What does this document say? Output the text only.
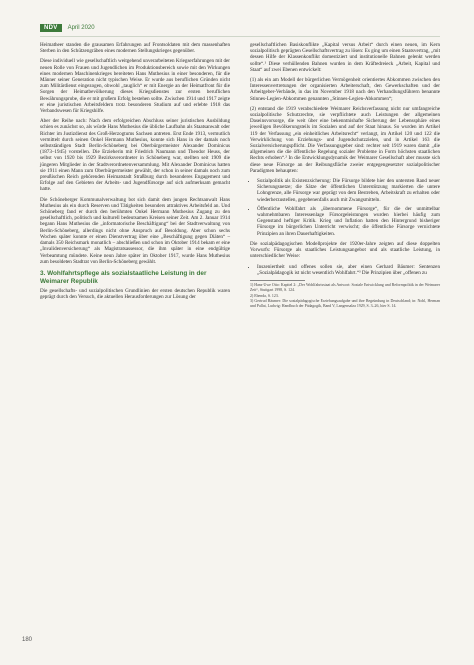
NDV	April 2020

Heimatheer standen die grausamen Erfahrungen auf Frontsoldaten mit dem massenhaften Sterben in den Schützengräben eines modernen Stellungskrieges gegenüber.

Diese individuell wie gesellschaftlich weitgehend unverarbeiteten Kriegserfahrungen mit der neuen Rolle von Frauen und Jugendlichen im Produktionsbereich sowie mit den Wirkungen eines modernen Maschinenkrieges bereiteten Hans Muthesius in einer besonderen, für die Männer seiner Generation nicht typischen Weise. Er wurde aus beruflichen Gründen nicht zum Militärdienst eingezogen, obwohl „tauglich“ er mit Energie an der Heimatfront für die Sorgen der Heimatbevölkerung dieses Kriegsdienstes zur ersten beruflichen Bewährungsprobe, die er mit großem Erfolg bestehen sollte. Zwischen 1914 und 1917 zeigte er eine juristischen Arbeitsfeldern trotz besonderen Studium auf und erlebte 1918 das Verbandswesen für Kriegshilfe.

Aber der Reihe nach: Nach dem erfolgreichen Abschluss seiner juristischen Ausbildung schien es zunächst so, als würde Hans Muthesius die übliche Laufbahn als Staatsanwalt oder Richter im Justizdienst des Groß-Herzogtums Sachsen antreten. Erst Ende 1913, vermutlich vermittelt durch seinen Onkel Hermann Muthesius, konnte sich Hans in der damals noch selbstständigen Stadt Berlin-Schöneberg bei Oberbürgermeister Alexander Dominicus (1873–1945) vorstellen. Die Erzieherin mit Friedrich Naumann und Theodor Heuss, der selbst von 1920 bis 1929 Bezirksverordneter in Schöneberg war, stellten seit 1909 die jüngeren Mitglieder in der Stadtverordnetenversammlung. Mit Alexander Dominicus hatten sie 1911 einen Mann zum Oberbürgermeister gewählt, der schon in seiner damals noch zum preußischen Reich gehörenden Heimatstadt Straßburg durch besonderes Engagement und Erfolge auf den Gebieten der Arbeits- und Jugendfürsorge auf sich aufmerksam gemacht hatte.

Die Schöneberger Kommunalverwaltung bot sich damit dem jungen Rechtsanwalt Hans Muthesius als ein durch Reserven und Tätigkeiten besonders attraktives Arbeitsfeld an. Und Schöneberg fand er durch den berühmten Onkel Hermann Muthesius Zugang zu den gesellschaftlich, politisch und kulturell bedeutsamen Kreisen seiner Zeit. Am 2. Januar 1914 begann Hans Muthesius die „informatorische Beschäftigung“ bei der Stadtverwaltung von Berlin-Schöneberg, allerdings nicht ohne Anspruch auf Besoldung. Aber schon sechs Wochen später konnte er einen Dienstvertrag über eine „Beschäftigung gegen Diäten“ – damals 350 Reichsmark monatlich – abschließen und schon im Oktober 1914 bekam er eine „Invalidenversicherung“ als Magistratsassessor, die ihm später in eine endgültige Verbeamtung mündete. Keine neun Jahre später im Oktober 1917, wurde Hans Muthesius zum besoldeten Stadtrat von Berlin-Schöneberg gewählt.

3. Wohlfahrtspflege als sozialstaatliche Leistung in der Weimarer Republik

Die gesellschafts- und sozialpolitischen Grundlinien der ersten deutschen Republik waren geprägt durch den Versuch, die aktuellen Herausforderungen zur Lösung der

gesellschaftlichen Basiskonflikte „Kapital versus Arbeit“ durch einen neuen, im Kern sozialpolitisch geprägten Gesellschaftsvertrag zu lösen: Es ging um einen Staatsvertrag, „mit dessen Hilfe der Klassenkonflikt domestiziert und institutionelle Bahnen gelenkt werden sollte“.¹ Diese verhüllenden Bahnen wurden in dem Kräftedreieck „Arbeit, Kapital und Staat“ auf zwei Ebenen entwickelt:

(1) als ein am Modell der bürgerlichen Vermögenheit orientiertes Abkommen zwischen den Interessenvertretungen der organisierten Arbeiterschaft, den Gewerkschaften und der Arbeitgeber-Verbände, in das im November 1918 nach den Verhandlungsführern benannte Stinnes-Legien-Abkommen genannten „Stinnes-Legien-Abkommen“;

(2) entstand die 1919 verabschiedete Weimarer Reichsverfassung nicht nur umfangreiche sozialpolitische Schutzrechte, sie verpflichtete auch Leistungen der allgemeinen Daseinsvorsorge, die weit über eine bekenntnishafte Sicherung der Lebenssphäre eines jeweiligen Bevölkerungsteils im Sozialen und auf der Staat hinaus. So wurden im Artikel 119 der Verfassung „ein einheitliches Arbeitsrecht“ verlangt, im Artikel 120 und 122 die Verwirklichung von Erziehungs- und Jugendschutzzielen, und in Artikel 163 die Sozialversicherungspflicht. Die Verfassungsgeber sind: rechter seit 1919 waren damit „die allgemeinen die die öffentliche Regelung sozialer Probleme in Form höchsten staatlichen Rechts erhoben“.² In die Entwicklungsdynamik der Weimarer Gesellschaft aber musste sich diese neue Fürsorge an der Reibungsfläche zweier entgegengesetzter sozialpolitischer Paradigmen behaupten:

• Sozialpolitik als Existenzsicherung: Die Fürsorge bildete hier den untersten Rand neuer Sicherungsnetze; die Sätze der öffentlichen Unterstützung markierten die untere Lohngrenze, alle Fürsorge war geprägt von dem Bestreben, Arbeitskraft zu erhalten oder wiederherzustellen, gegebenenfalls auch mit Zwangsmitteln.
• Öffentliche Wohlfahrt als „übernommene Fürsorge“, für die der unmittelbar wahrnehmbaren Interessenlage Fürsorgeleistungen wurden hierbei häufig zum Gegenstand heftiger Kritik. Krieg und Inflation hatten den Hintergrund bisheriger Fürsorge im bürgerlichen Unterricht verwischt; die öffentliche Fürsorge vernichtete Prinzipien an ihren Dauerhaftigkeiten.

Die sozialpädagogischen Modellprojekte der 1920er-Jahre zeigten auf diese doppelten Vorwurfs: Fürsorge als staatliches Leistungsangebot und als staatliche Leistung, in unterschiedlicher Weise:

• Inszeniertheit und offenes sollen sie, aber einen Gerhard Bäumer: Sentenzen „Sozialpädagogik ist nicht wesentlich Wohlfahrt.“³ Die Prinzipien über „offenen zu

1) Hans-Uwe Otto: Kapitel 2: „Der Wohlfahrtsstaat als Antwort: Soziale Entwicklung und Reformpolitik in der Weimarer Zeit“, Stuttgart 1998, S. 124.

2) Ebenda, S. 123.

3) Gertrud Bäumer: Die sozialpädagogische Erziehungsaufgabe und ihre Begründung in Deutschland; in: Nohl, Herman und Pallat, Ludwig: Handbuch der Pädagogik, Band V, Langensalza 1929, S. 3–26, hier S. 14.

180
